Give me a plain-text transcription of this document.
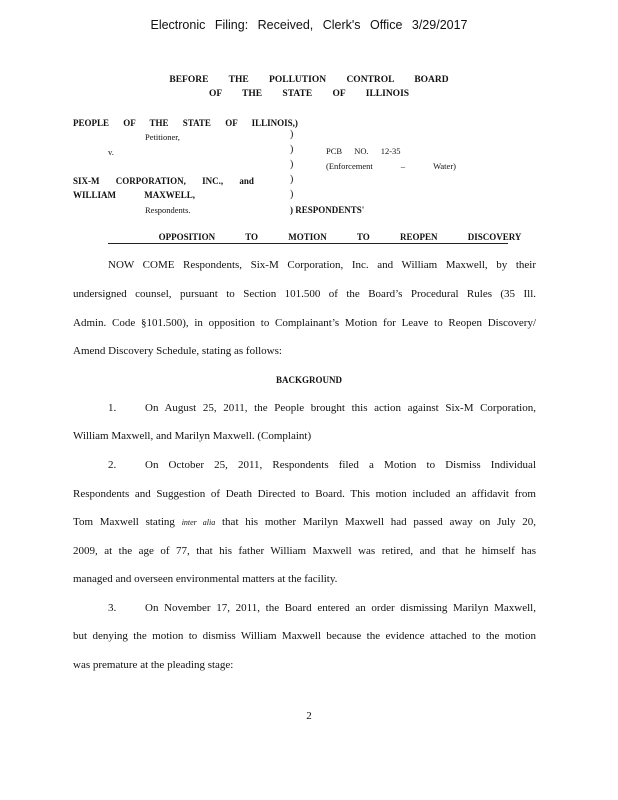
Electronic Filing: Received, Clerk's Office 3/29/2017
BEFORE THE POLLUTION CONTROL BOARD
OF THE STATE OF ILLINOIS
PEOPLE OF THE STATE OF ILLINOIS,)
Petitioner,
v.
SIX-M CORPORATION, INC., and
WILLIAM MAXWELL,
Respondents.
)
)
)
)
)
PCB NO. 12-35
(Enforcement – Water)
) RESPONDENTS'
OPPOSITION TO MOTION TO REOPEN DISCOVERY
NOW COME Respondents, Six-M Corporation, Inc. and William Maxwell, by their
undersigned counsel, pursuant to Section 101.500 of the Board’s Procedural Rules (35 Ill.
Admin. Code §101.500), in opposition to Complainant’s Motion for Leave to Reopen Discovery/
Amend Discovery Schedule, stating as follows:
BACKGROUND
1.	On August 25, 2011, the People brought this action against Six-M Corporation,
William Maxwell, and Marilyn Maxwell. (Complaint)
2.	On October 25, 2011, Respondents filed a Motion to Dismiss Individual
Respondents and Suggestion of Death Directed to Board. This motion included an affidavit from
Tom Maxwell stating inter alia that his mother Marilyn Maxwell had passed away on July 20,
2009, at the age of 77, that his father William Maxwell was retired, and that he himself has
managed and overseen environmental matters at the facility.
3.	On November 17, 2011, the Board entered an order dismissing Marilyn Maxwell,
but denying the motion to dismiss William Maxwell because the evidence attached to the motion
was premature at the pleading stage:
2
